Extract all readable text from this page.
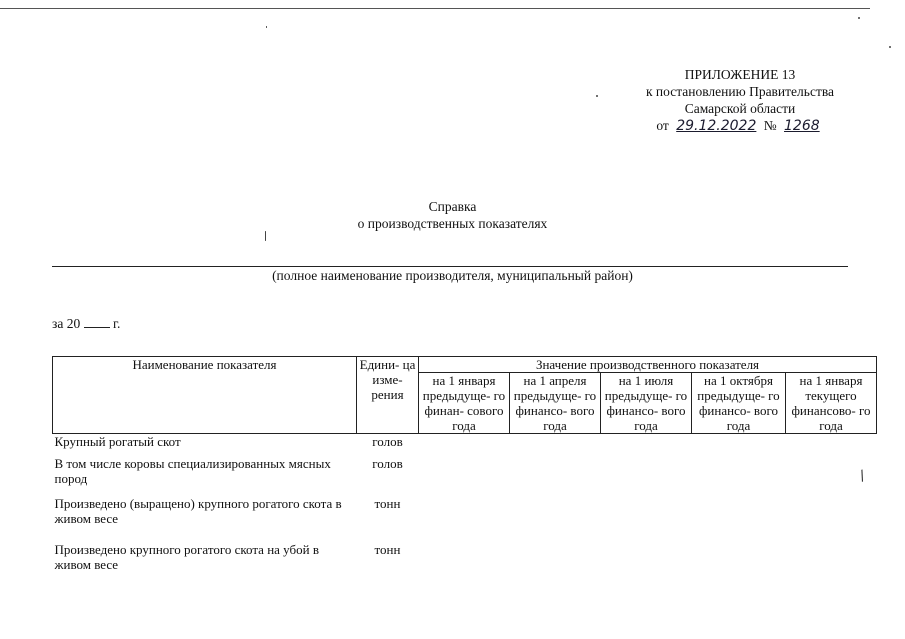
ПРИЛОЖЕНИЕ 13
к постановлению Правительства
Самарской области
от 29.12.2022 № 1268
Справка
о производственных показателях
(полное наименование производителя, муниципальный район)
за 20 г.
Наименование показателя	Едини- ца изме- рения	Значение производственного показателя				
		на 1 января предыдуще- го финан- сового года	на 1 апреля предыдуще- го финансо- вого года	на 1 июля предыдуще- го финансо- вого года	на 1 октября предыдуще- го финансо- вого года	на 1 января текущего финансово- го года
Крупный рогатый скот	голов					
В том числе коровы специализированных мясных пород	голов					
Произведено (выращено) крупного рогатого скота в живом весе	тонн					
Произведено крупного рогатого скота на убой в живом весе	тонн					
/
